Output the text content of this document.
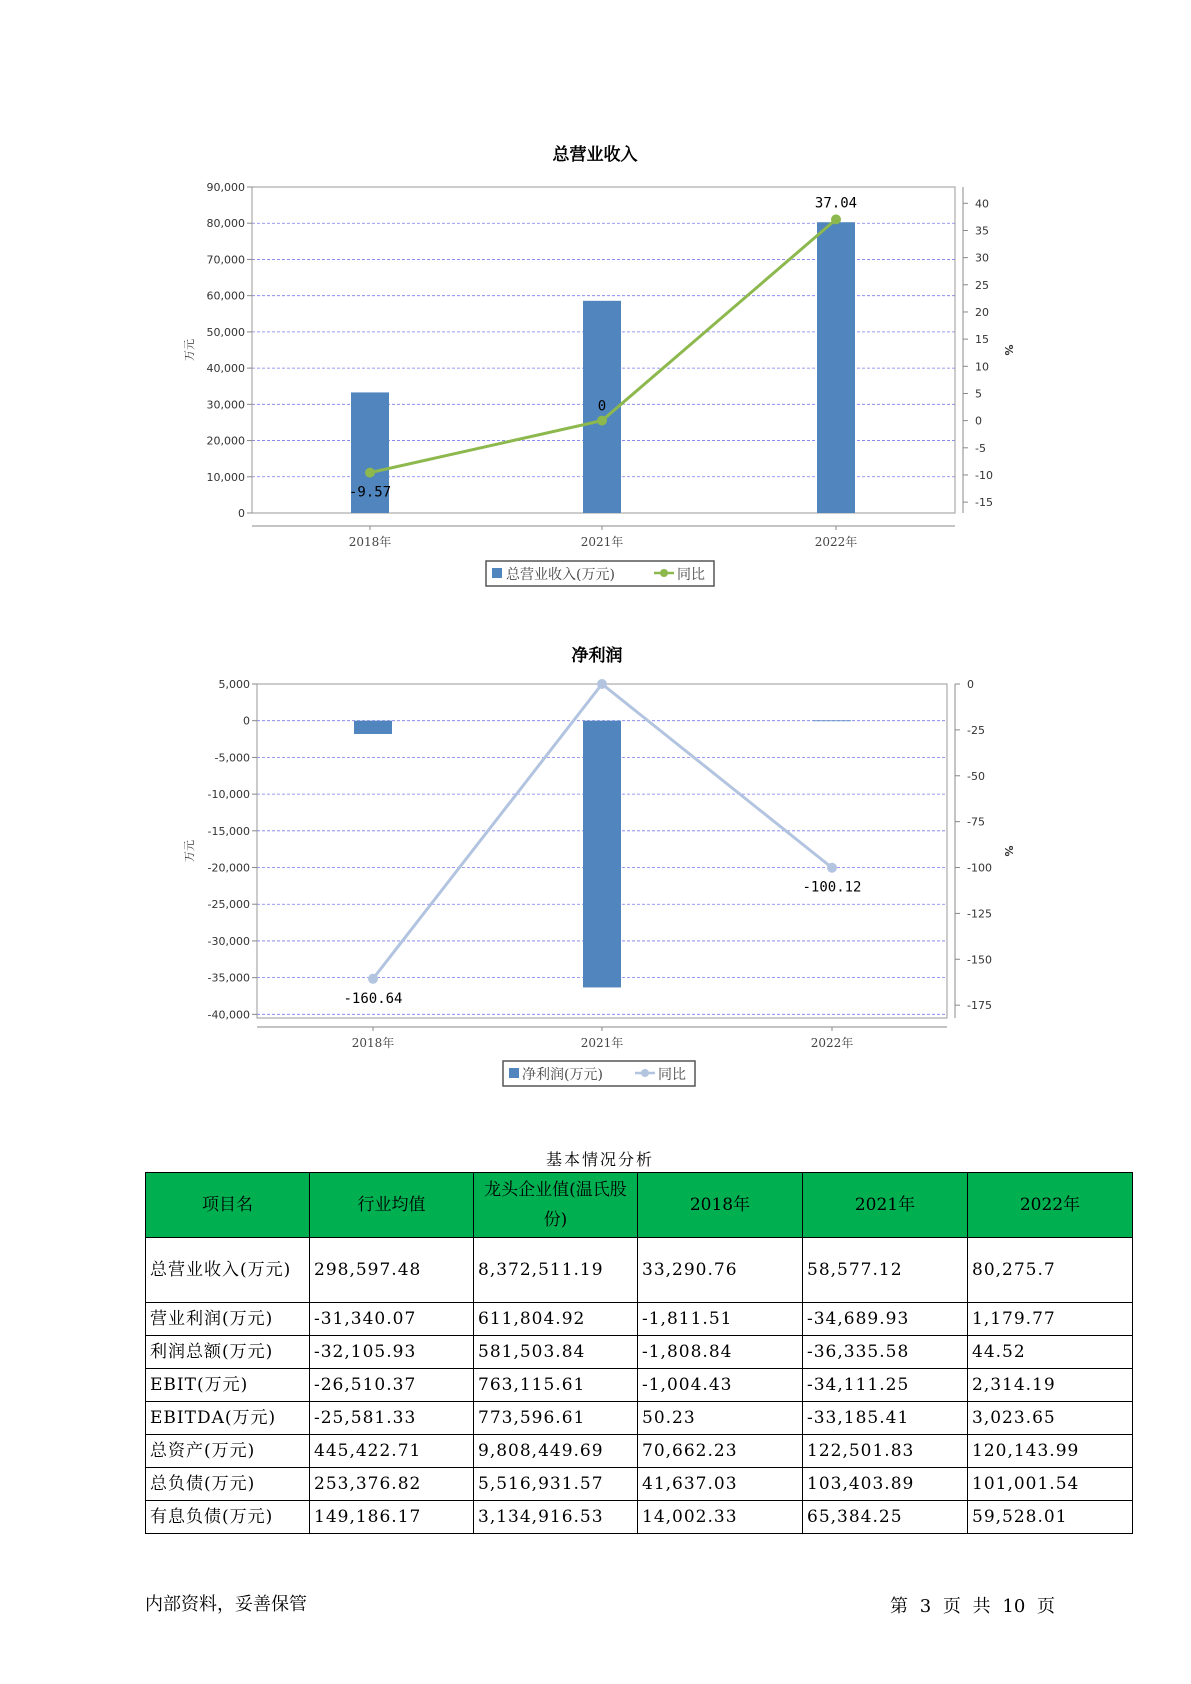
总营业收入
0
10,000
20,000
30,000
40,000
50,000
60,000
70,000
80,000
90,000
-15
-10
-5
0
5
10
15
20
25
30
35
40
-9.57
0
37.04
2018年	2021年	2022年
万元	%
总营业收入(万元)	同比
净利润
5,000
0
-5,000
-10,000
-15,000
-20,000
-25,000
-30,000
-35,000
-40,000
0
-25
-50
-75
-100
-125
-150
-175
-160.64
-100.12
2018年	2021年	2022年
万元	%
净利润(万元)	同比
基本情况分析
项目名	行业均值	龙头企业值(温氏股份)	2018年	2021年	2022年
总营业收入(万元)	298,597.48	8,372,511.19	33,290.76	58,577.12	80,275.7
营业利润(万元)	-31,340.07	611,804.92	-1,811.51	-34,689.93	1,179.77
利润总额(万元)	-32,105.93	581,503.84	-1,808.84	-36,335.58	44.52
EBIT(万元)	-26,510.37	763,115.61	-1,004.43	-34,111.25	2,314.19
EBITDA(万元)	-25,581.33	773,596.61	50.23	-33,185.41	3,023.65
总资产(万元)	445,422.71	9,808,449.69	70,662.23	122,501.83	120,143.99
总负债(万元)	253,376.82	5,516,931.57	41,637.03	103,403.89	101,001.54
有息负债(万元)	149,186.17	3,134,916.53	14,002.33	65,384.25	59,528.01
内部资料，妥善保管	第 3 页 共 10 页
